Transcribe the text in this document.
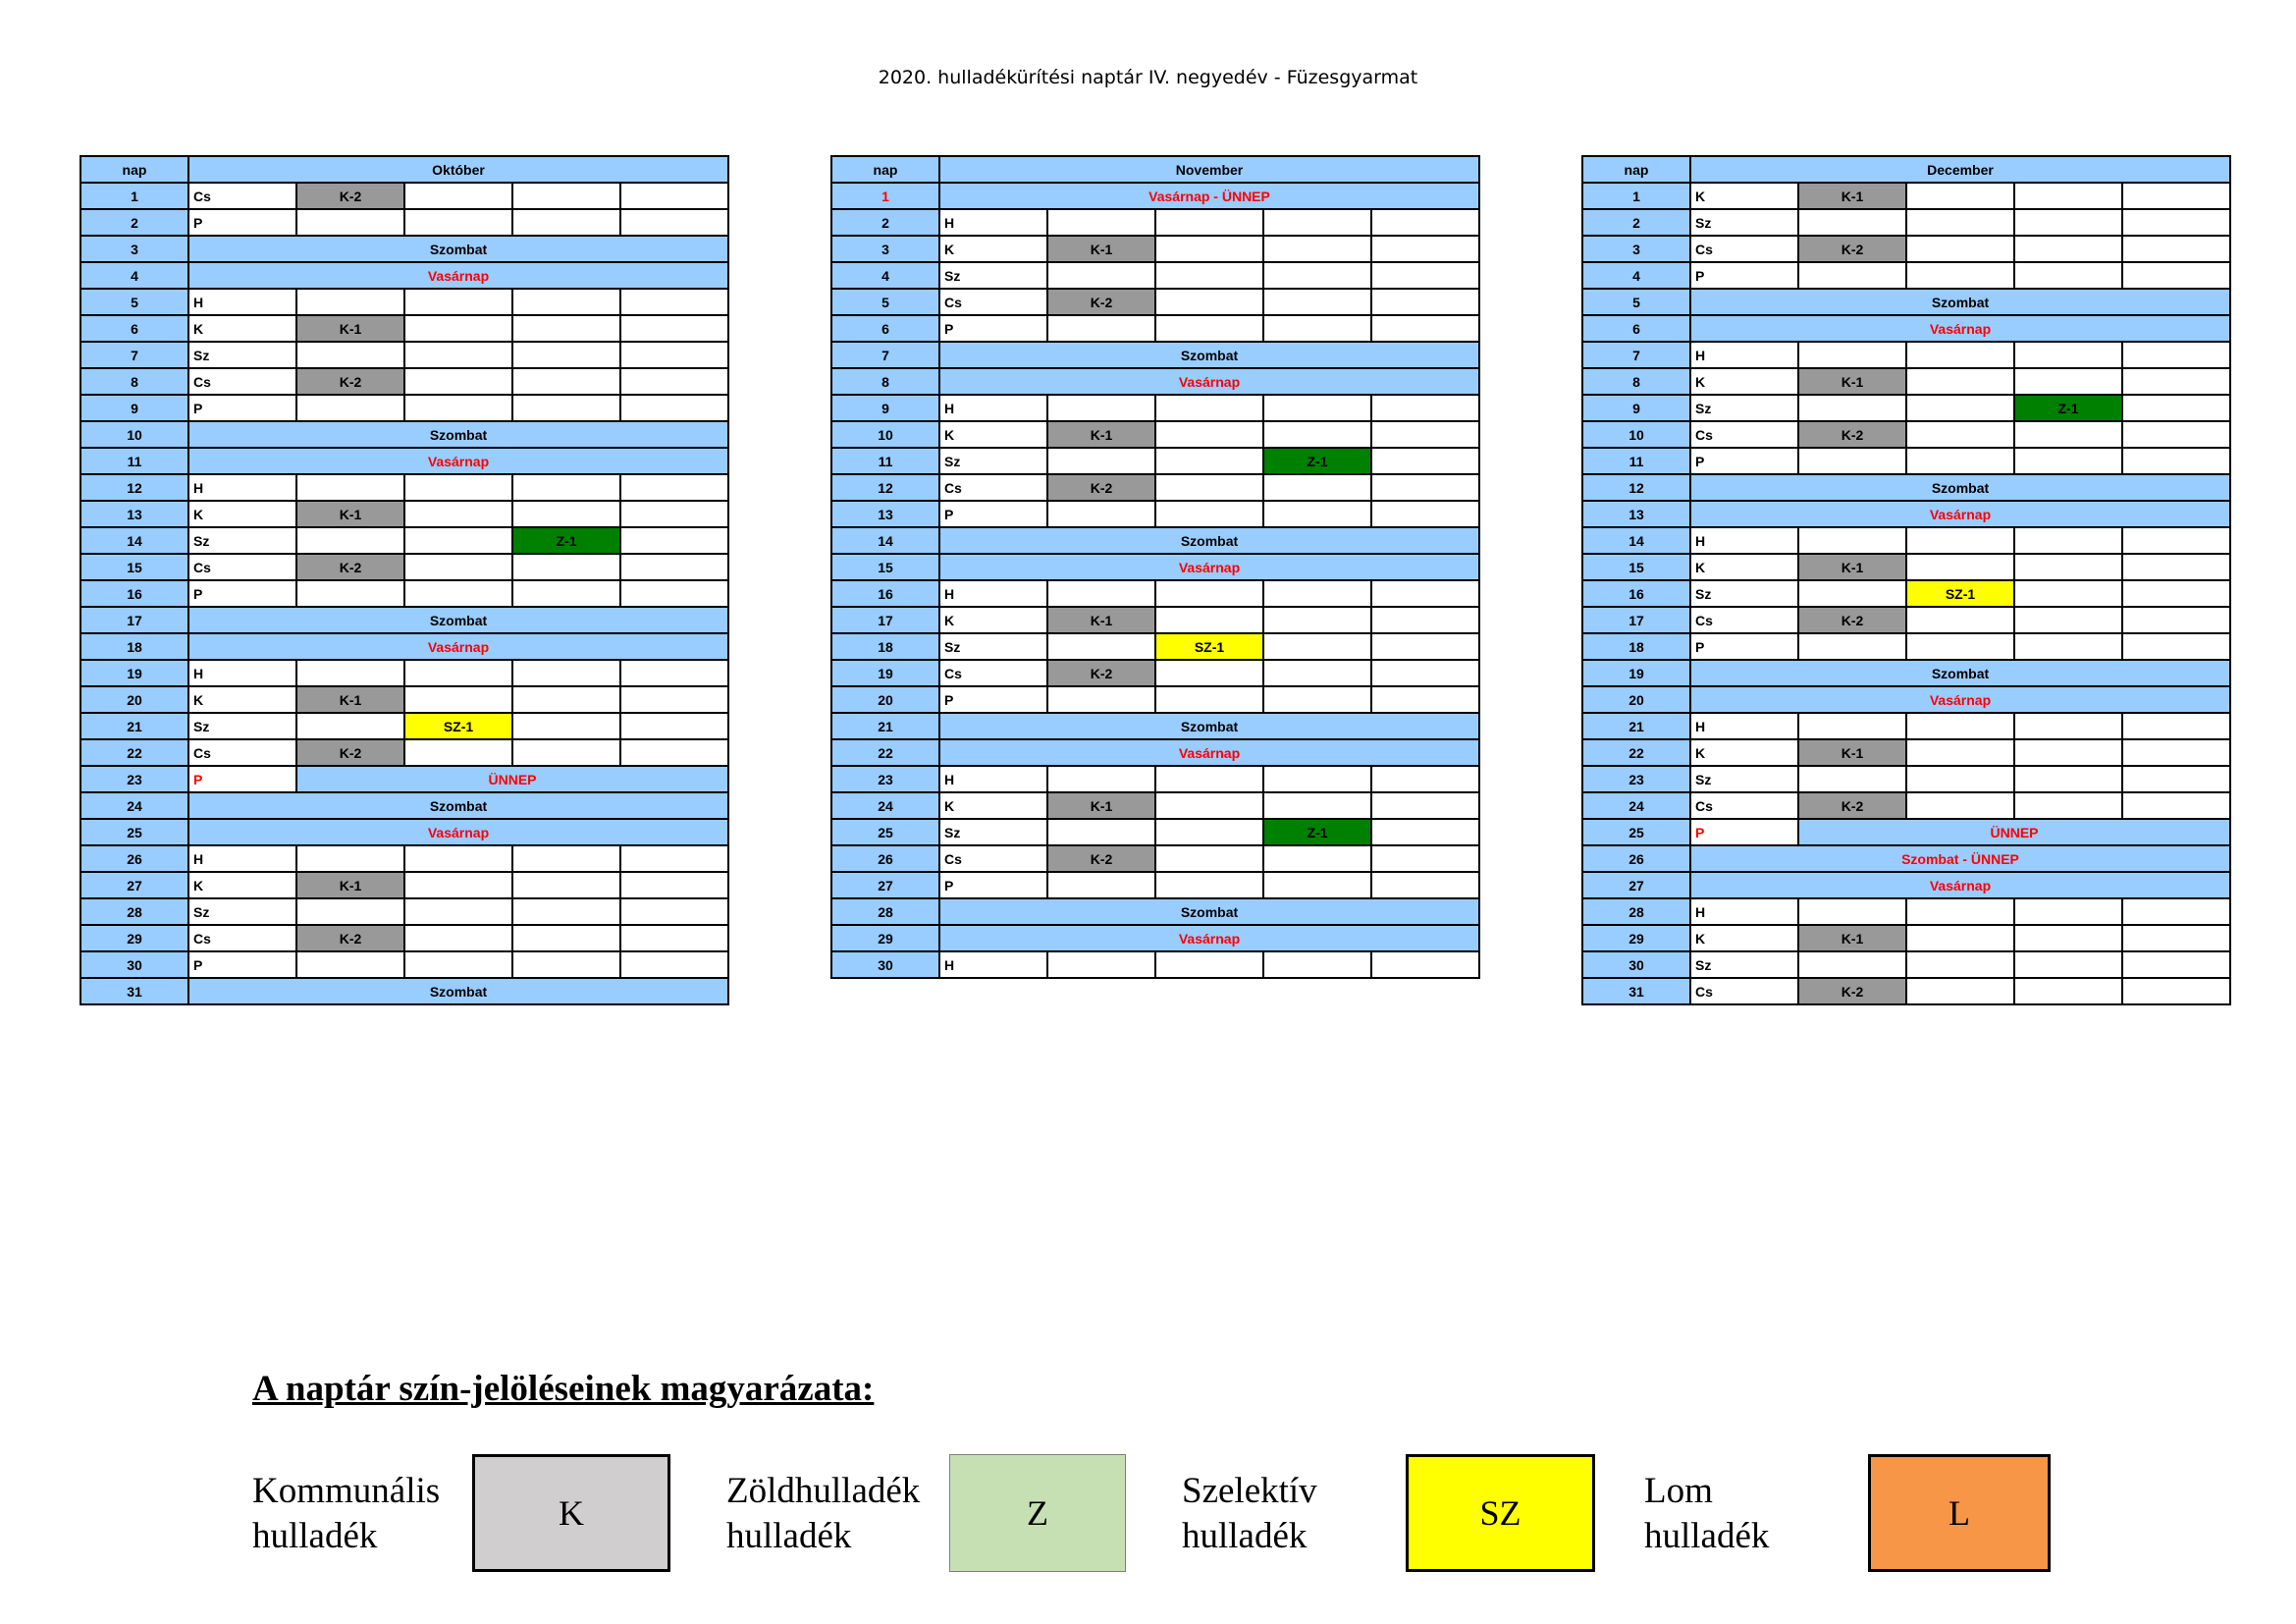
2020. hulladékürítési naptár IV. negyedév - Füzesgyarmat
nap	Október				
1	Cs	K-2			
2	P				
3	Szombat				
4	Vasárnap				
5	H				
6	K	K-1			
7	Sz				
8	Cs	K-2			
9	P				
10	Szombat				
11	Vasárnap				
12	H				
13	K	K-1			
14	Sz			Z-1	
15	Cs	K-2			
16	P				
17	Szombat				
18	Vasárnap				
19	H				
20	K	K-1			
21	Sz		SZ-1		
22	Cs	K-2			
23	P	ÜNNEP			
24	Szombat				
25	Vasárnap				
26	H				
27	K	K-1			
28	Sz				
29	Cs	K-2			
30	P				
31	Szombat				
nap	November				
1	Vasárnap - ÜNNEP				
2	H				
3	K	K-1			
4	Sz				
5	Cs	K-2			
6	P				
7	Szombat				
8	Vasárnap				
9	H				
10	K	K-1			
11	Sz			Z-1	
12	Cs	K-2			
13	P				
14	Szombat				
15	Vasárnap				
16	H				
17	K	K-1			
18	Sz		SZ-1		
19	Cs	K-2			
20	P				
21	Szombat				
22	Vasárnap				
23	H				
24	K	K-1			
25	Sz			Z-1	
26	Cs	K-2			
27	P				
28	Szombat				
29	Vasárnap				
30	H				
nap	December				
1	K	K-1			
2	Sz				
3	Cs	K-2			
4	P				
5	Szombat				
6	Vasárnap				
7	H				
8	K	K-1			
9	Sz			Z-1	
10	Cs	K-2			
11	P				
12	Szombat				
13	Vasárnap				
14	H				
15	K	K-1			
16	Sz		SZ-1		
17	Cs	K-2			
18	P				
19	Szombat				
20	Vasárnap				
21	H				
22	K	K-1			
23	Sz				
24	Cs	K-2			
25	P	ÜNNEP			
26	Szombat - ÜNNEP				
27	Vasárnap				
28	H				
29	K	K-1			
30	Sz				
31	Cs	K-2			
A naptár szín-jelöléseinek magyarázata:
Kommunális
hulladék
K
Zöldhulladék
hulladék
Z
Szelektív
hulladék
SZ
Lom
hulladék
L
